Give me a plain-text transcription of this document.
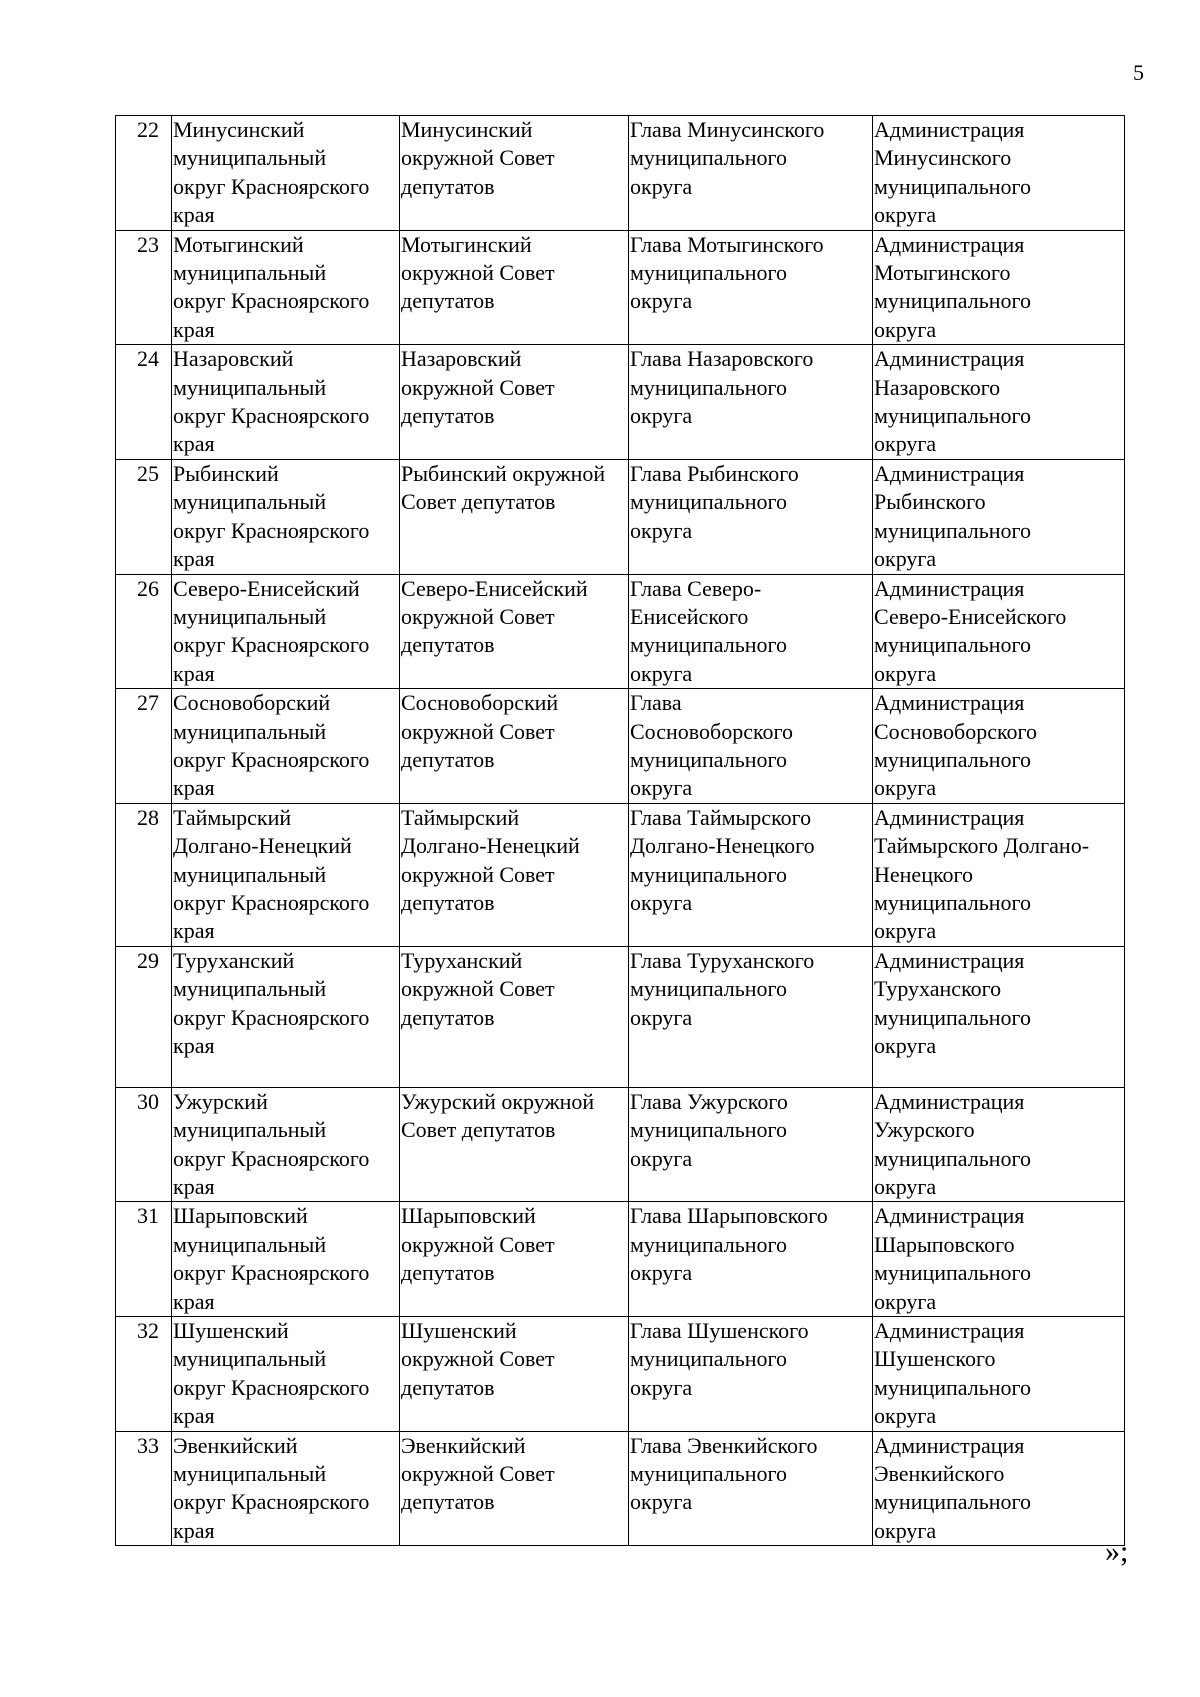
5
22	Минусинский
муниципальный
округ Красноярского
края	Минусинский
окружной Совет
депутатов	Глава Минусинского
муниципального
округа	Администрация
Минусинского
муниципального
округа
23	Мотыгинский
муниципальный
округ Красноярского
края	Мотыгинский
окружной Совет
депутатов	Глава Мотыгинского
муниципального
округа	Администрация
Мотыгинского
муниципального
округа
24	Назаровский
муниципальный
округ Красноярского
края	Назаровский
окружной Совет
депутатов	Глава Назаровского
муниципального
округа	Администрация
Назаровского
муниципального
округа
25	Рыбинский
муниципальный
округ Красноярского
края	Рыбинский окружной
Совет депутатов	Глава Рыбинского
муниципального
округа	Администрация
Рыбинского
муниципального
округа
26	Северо-Енисейский
муниципальный
округ Красноярского
края	Северо-Енисейский
окружной Совет
депутатов	Глава Северо-
Енисейского
муниципального
округа	Администрация
Северо-Енисейского
муниципального
округа
27	Сосновоборский
муниципальный
округ Красноярского
края	Сосновоборский
окружной Совет
депутатов	Глава
Сосновоборского
муниципального
округа	Администрация
Сосновоборского
муниципального
округа
28	Таймырский
Долгано-Ненецкий
муниципальный
округ Красноярского
края	Таймырский
Долгано-Ненецкий
окружной Совет
депутатов	Глава Таймырского
Долгано-Ненецкого
муниципального
округа	Администрация
Таймырского Долгано-
Ненецкого
муниципального
округа
29	Туруханский
муниципальный
округ Красноярского
края	Туруханский
окружной Совет
депутатов	Глава Туруханского
муниципального
округа	Администрация
Туруханского
муниципального
округа
30	Ужурский
муниципальный
округ Красноярского
края	Ужурский окружной
Совет депутатов	Глава Ужурского
муниципального
округа	Администрация
Ужурского
муниципального
округа
31	Шарыповский
муниципальный
округ Красноярского
края	Шарыповский
окружной Совет
депутатов	Глава Шарыповского
муниципального
округа	Администрация
Шарыповского
муниципального
округа
32	Шушенский
муниципальный
округ Красноярского
края	Шушенский
окружной Совет
депутатов	Глава Шушенского
муниципального
округа	Администрация
Шушенского
муниципального
округа
33	Эвенкийский
муниципальный
округ Красноярского
края	Эвенкийский
окружной Совет
депутатов	Глава Эвенкийского
муниципального
округа	Администрация
Эвенкийского
муниципального
округа
»;
